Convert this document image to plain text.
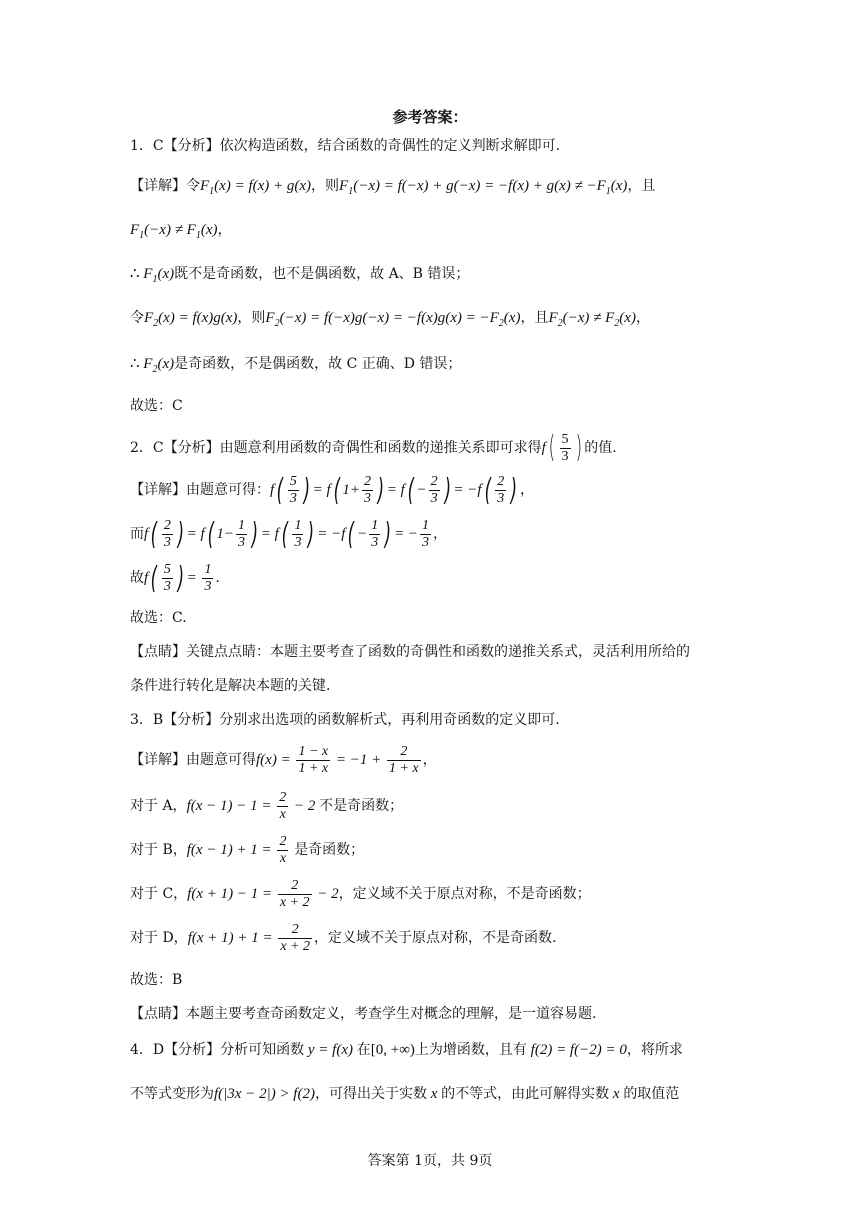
参考答案：
1．C【分析】依次构造函数，结合函数的奇偶性的定义判断求解即可.
【详解】令$F_1(x) = f(x) + g(x)$，则$F_1(-x) = f(-x) + g(-x) = -f(x) + g(x) \ne -F_1(x)$，且
$F_1(-x) \ne F_1(x)$，
∴ $F_1(x)$既不是奇函数，也不是偶函数，故 A、B 错误；
令$F_2(x) = f(x)g(x)$，则$F_2(-x) = f(-x)g(-x) = -f(x)g(x) = -F_2(x)$，且$F_2(-x) \ne F_2(x)$，
∴ $F_2(x)$是奇函数，不是偶函数，故 C 正确、D 错误；
故选：C
2．C【分析】由题意利用函数的奇偶性和函数的递推关系即可求得$f( \frac{5}{3}$ ) 的值.
【详解】由题意可得：$f( \frac{5}{3}$ ) = f( $1+ \frac{2}{3}$ ) = $f( - \frac{2}{3}$ ) = $-f( \frac{2}{3}$ ) ，
而$f( \frac{2}{3}$ ) = f( $1- \frac{1}{3}$ ) = $f( \frac{1}{3}$ ) = $-f( - \frac{1}{3}$ ) = − $\frac{1}{3}$ ，
故$f( \frac{5}{3}$ ) = $\frac{1}{3}$ .
故选：C.
【点睛】关键点点睛：本题主要考查了函数的奇偶性和函数的递推关系式，灵活利用所给的
条件进行转化是解决本题的关键.
3．B【分析】分别求出选项的函数解析式，再利用奇函数的定义即可.
【详解】由题意可得$f(x) = \frac{1 - x}{1 + x} = -1 + \frac{2}{1 + x}$ ，
对于 A，$f(x - 1) - 1 = \frac{2}{x} - 2$ 不是奇函数；
对于 B，$f(x - 1) + 1 = \frac{2}{x}$ 是奇函数；
对于 C，$f(x + 1) - 1 = \frac{2}{x + 2} - 2$，定义域不关于原点对称，不是奇函数；
对于 D，$f(x + 1) + 1 = \frac{2}{x + 2}$ ，定义域不关于原点对称，不是奇函数.
故选：B
【点睛】本题主要考查奇函数定义，考查学生对概念的理解，是一道容易题.
4．D【分析】分析可知函数 y = f(x) 在[0, +∞)上为增函数，且有 f(2) = f(−2) = 0，将所求
不等式变形为f(|3x − 2|) > f(2)，可得出关于实数 x 的不等式，由此可解得实数 x 的取值范
答案第 1页，共 9页
